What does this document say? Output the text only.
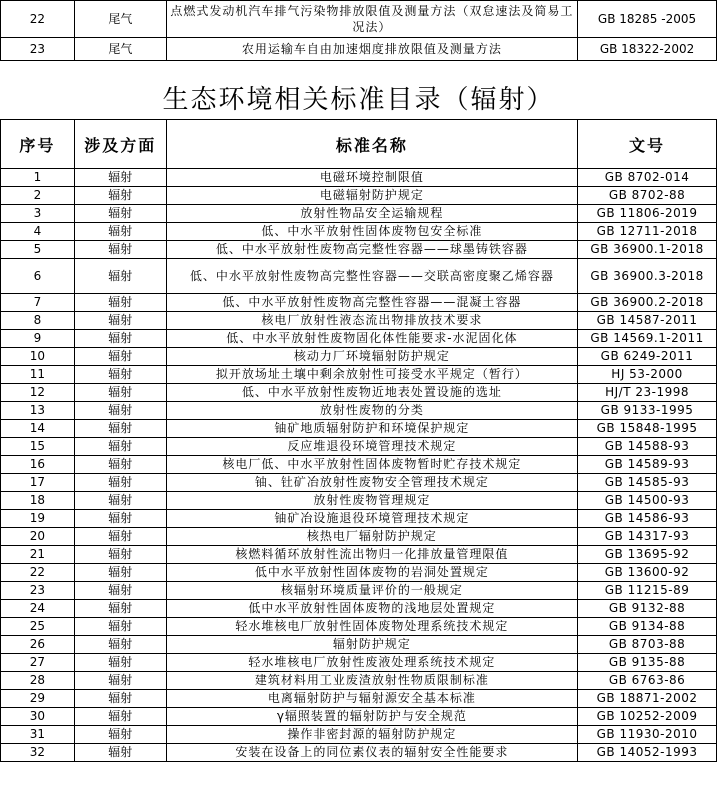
22	尾气	点燃式发动机汽车排气污染物排放限值及测量方法（双怠速法及简易工况法）	GB 18285 -2005
23	尾气	农用运输车自由加速烟度排放限值及测量方法	GB 18322-2002
生态环境相关标准目录（辐射）
序号	涉及方面	标准名称	文号
1	辐射	电磁环境控制限值	GB 8702-014
2	辐射	电磁辐射防护规定	GB 8702-88
3	辐射	放射性物品安全运输规程	GB 11806-2019
4	辐射	低、中水平放射性固体废物包安全标准	GB 12711-2018
5	辐射	低、中水平放射性废物高完整性容器——球墨铸铁容器	GB 36900.1-2018
6	辐射	低、中水平放射性废物高完整性容器——交联高密度聚乙烯容器	GB 36900.3-2018
7	辐射	低、中水平放射性废物高完整性容器——混凝土容器	GB 36900.2-2018
8	辐射	核电厂放射性液态流出物排放技术要求	GB 14587-2011
9	辐射	低、中水平放射性废物固化体性能要求-水泥固化体	GB 14569.1-2011
10	辐射	核动力厂环境辐射防护规定	GB 6249-2011
11	辐射	拟开放场址土壤中剩余放射性可接受水平规定（暂行）	HJ 53-2000
12	辐射	低、中水平放射性废物近地表处置设施的选址	HJ/T 23-1998
13	辐射	放射性废物的分类	GB 9133-1995
14	辐射	铀矿地质辐射防护和环境保护规定	GB 15848-1995
15	辐射	反应堆退役环境管理技术规定	GB 14588-93
16	辐射	核电厂低、中水平放射性固体废物暂时贮存技术规定	GB 14589-93
17	辐射	铀、钍矿冶放射性废物安全管理技术规定	GB 14585-93
18	辐射	放射性废物管理规定	GB 14500-93
19	辐射	铀矿冶设施退役环境管理技术规定	GB 14586-93
20	辐射	核热电厂辐射防护规定	GB 14317-93
21	辐射	核燃料循环放射性流出物归一化排放量管理限值	GB 13695-92
22	辐射	低中水平放射性固体废物的岩洞处置规定	GB 13600-92
23	辐射	核辐射环境质量评价的一般规定	GB 11215-89
24	辐射	低中水平放射性固体废物的浅地层处置规定	GB 9132-88
25	辐射	轻水堆核电厂放射性固体废物处理系统技术规定	GB 9134-88
26	辐射	辐射防护规定	GB 8703-88
27	辐射	轻水堆核电厂放射性废液处理系统技术规定	GB 9135-88
28	辐射	建筑材料用工业废渣放射性物质限制标准	GB 6763-86
29	辐射	电离辐射防护与辐射源安全基本标准	GB 18871-2002
30	辐射	γ辐照装置的辐射防护与安全规范	GB 10252-2009
31	辐射	操作非密封源的辐射防护规定	GB 11930-2010
32	辐射	安装在设备上的同位素仪表的辐射安全性能要求	GB 14052-1993
